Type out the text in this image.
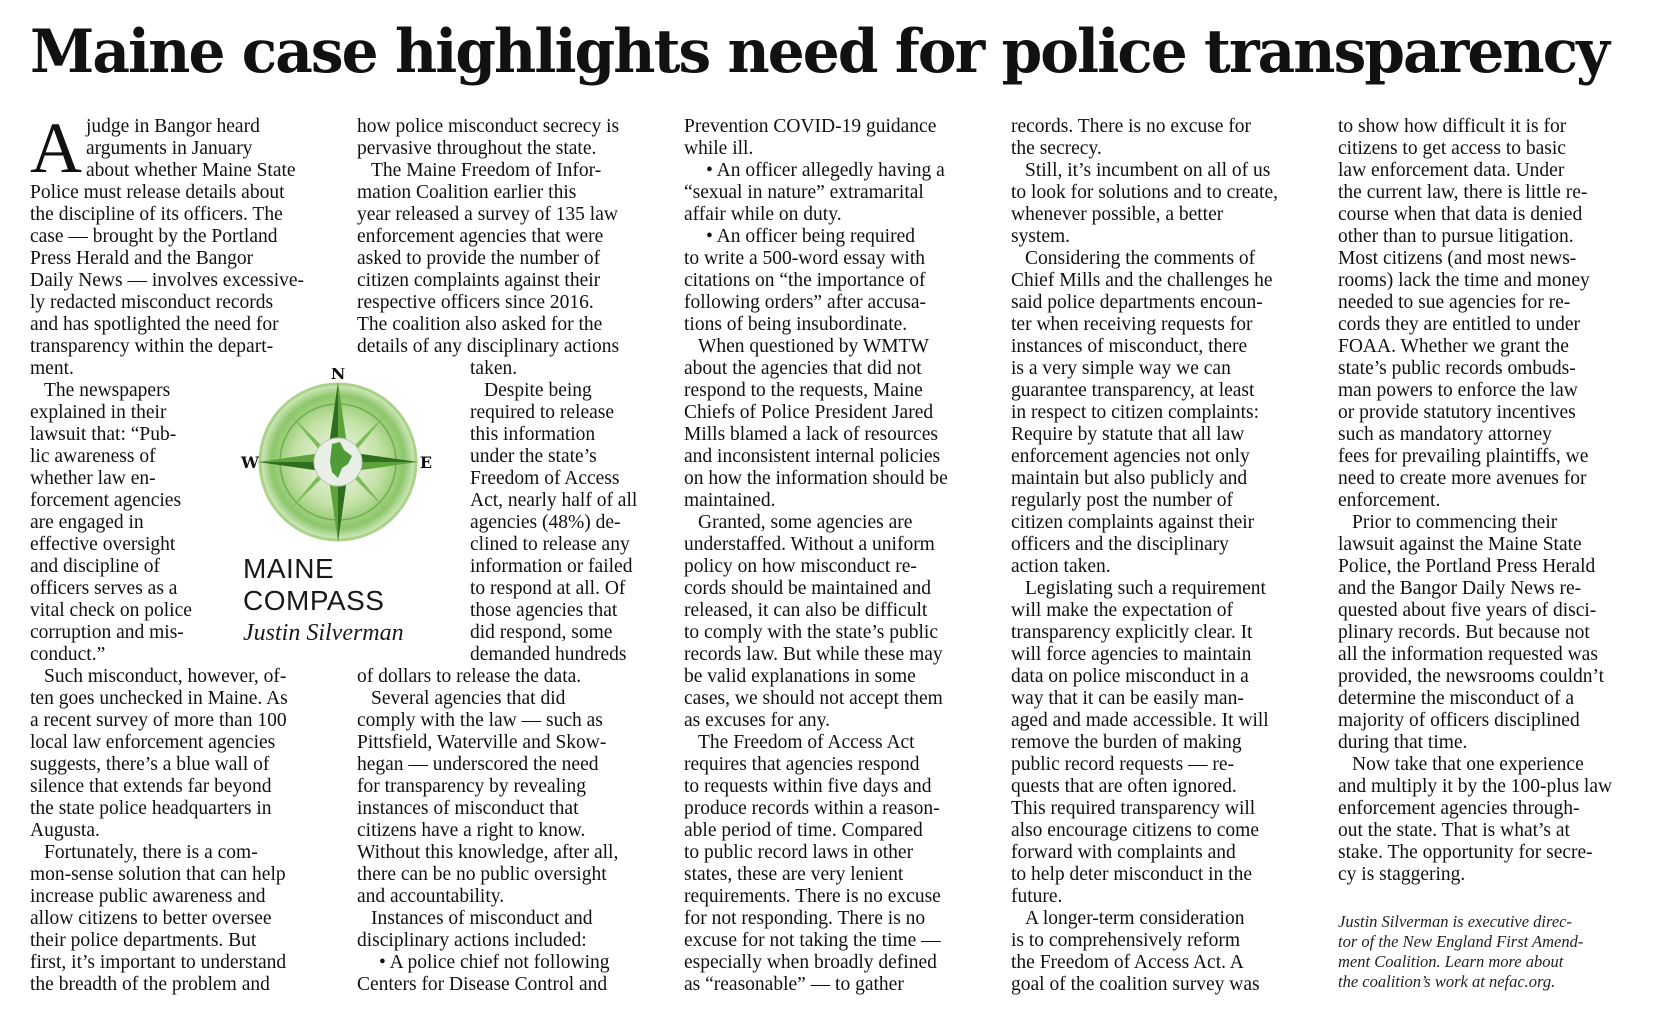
Maine case highlights need for police transparency
A judge in Bangor heard
arguments in January
about whether Maine State
Police must release details about
the discipline of its officers. The
case — brought by the Portland
Press Herald and the Bangor
Daily News — involves excessive-
ly redacted misconduct records
and has spotlighted the need for
transparency within the depart-
ment.
The newspapers
explained in their
lawsuit that: “Pub-
lic awareness of
whether law en-
forcement agencies
are engaged in
effective oversight
and discipline of
officers serves as a
vital check on police
corruption and mis-
conduct.”
Such misconduct, however, of-
ten goes unchecked in Maine. As
a recent survey of more than 100
local law enforcement agencies
suggests, there’s a blue wall of
silence that extends far beyond
the state police headquarters in
Augusta.
Fortunately, there is a com-
mon-sense solution that can help
increase public awareness and
allow citizens to better oversee
their police departments. But
first, it’s important to understand
the breadth of the problem and
how police misconduct secrecy is
pervasive throughout the state.
The Maine Freedom of Infor-
mation Coalition earlier this
year released a survey of 135 law
enforcement agencies that were
asked to provide the number of
citizen complaints against their
respective officers since 2016.
The coalition also asked for the
details of any disciplinary actions
taken.
Despite being
required to release
this information
under the state’s
Freedom of Access
Act, nearly half of all
agencies (48%) de-
clined to release any
information or failed
to respond at all. Of
those agencies that
did respond, some
demanded hundreds
of dollars to release the data.
Several agencies that did
comply with the law — such as
Pittsfield, Waterville and Skow-
hegan — underscored the need
for transparency by revealing
instances of misconduct that
citizens have a right to know.
Without this knowledge, after all,
there can be no public oversight
and accountability.
Instances of misconduct and
disciplinary actions included:
• A police chief not following
Centers for Disease Control and
Prevention COVID-19 guidance
while ill.
• An officer allegedly having a
“sexual in nature” extramarital
affair while on duty.
• An officer being required
to write a 500-word essay with
citations on “the importance of
following orders” after accusa-
tions of being insubordinate.
When questioned by WMTW
about the agencies that did not
respond to the requests, Maine
Chiefs of Police President Jared
Mills blamed a lack of resources
and inconsistent internal policies
on how the information should be
maintained.
Granted, some agencies are
understaffed. Without a uniform
policy on how misconduct re-
cords should be maintained and
released, it can also be difficult
to comply with the state’s public
records law. But while these may
be valid explanations in some
cases, we should not accept them
as excuses for any.
The Freedom of Access Act
requires that agencies respond
to requests within five days and
produce records within a reason-
able period of time. Compared
to public record laws in other
states, these are very lenient
requirements. There is no excuse
for not responding. There is no
excuse for not taking the time —
especially when broadly defined
as “reasonable” — to gather
records. There is no excuse for
the secrecy.
Still, it’s incumbent on all of us
to look for solutions and to create,
whenever possible, a better
system.
Considering the comments of
Chief Mills and the challenges he
said police departments encoun-
ter when receiving requests for
instances of misconduct, there
is a very simple way we can
guarantee transparency, at least
in respect to citizen complaints:
Require by statute that all law
enforcement agencies not only
maintain but also publicly and
regularly post the number of
citizen complaints against their
officers and the disciplinary
action taken.
Legislating such a requirement
will make the expectation of
transparency explicitly clear. It
will force agencies to maintain
data on police misconduct in a
way that it can be easily man-
aged and made accessible. It will
remove the burden of making
public record requests — re-
quests that are often ignored.
This required transparency will
also encourage citizens to come
forward with complaints and
to help deter misconduct in the
future.
A longer-term consideration
is to comprehensively reform
the Freedom of Access Act. A
goal of the coalition survey was
to show how difficult it is for
citizens to get access to basic
law enforcement data. Under
the current law, there is little re-
course when that data is denied
other than to pursue litigation.
Most citizens (and most news-
rooms) lack the time and money
needed to sue agencies for re-
cords they are entitled to under
FOAA. Whether we grant the
state’s public records ombuds-
man powers to enforce the law
or provide statutory incentives
such as mandatory attorney
fees for prevailing plaintiffs, we
need to create more avenues for
enforcement.
Prior to commencing their
lawsuit against the Maine State
Police, the Portland Press Herald
and the Bangor Daily News re-
quested about five years of disci-
plinary records. But because not
all the information requested was
provided, the newsrooms couldn’t
determine the misconduct of a
majority of officers disciplined
during that time.
Now take that one experience
and multiply it by the 100-plus law
enforcement agencies through-
out the state. That is what’s at
stake. The opportunity for secre-
cy is staggering.
N
W	E
MAINE
COMPASS
Justin Silverman
Justin Silverman is executive direc-
tor of the New England First Amend-
ment Coalition. Learn more about
the coalition’s work at nefac.org.
